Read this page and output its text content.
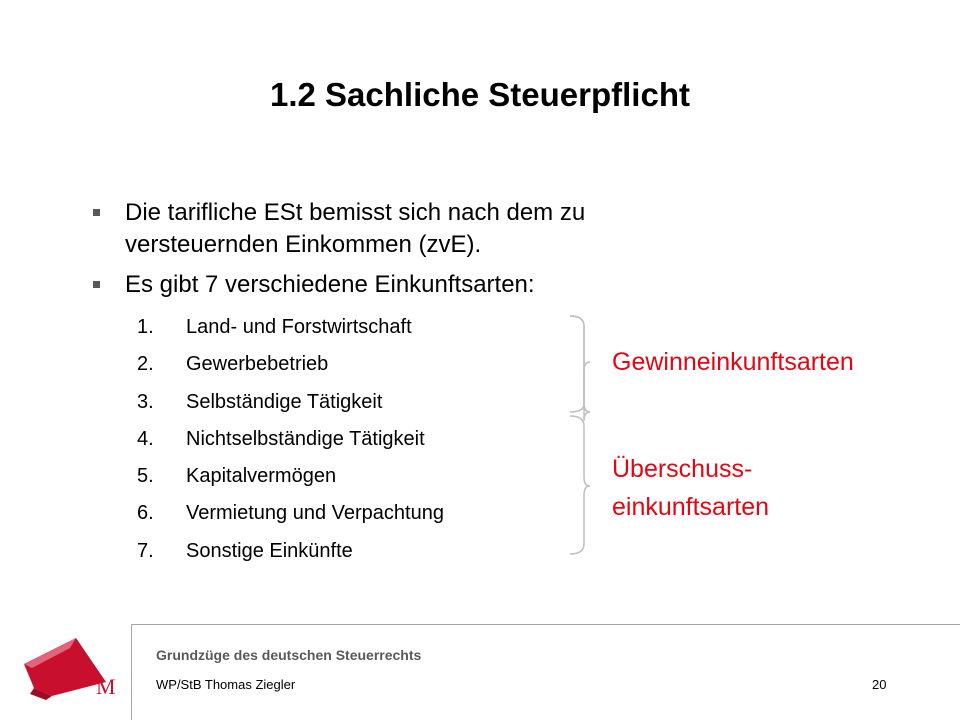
1.2 Sachliche Steuerpflicht
Die tarifliche ESt bemisst sich nach dem zu
versteuernden Einkommen (zvE).
Es gibt 7 verschiedene Einkunftsarten:
1.	Land- und Forstwirtschaft
2.	Gewerbebetrieb
3.	Selbständige Tätigkeit
4.	Nichtselbständige Tätigkeit
5.	Kapitalvermögen
6.	Vermietung und Verpachtung
7.	Sonstige Einkünfte
Gewinneinkunftsarten
Überschuss-
einkunftsarten
M
Grundzüge des deutschen Steuerrechts
WP/StB Thomas Ziegler	20
